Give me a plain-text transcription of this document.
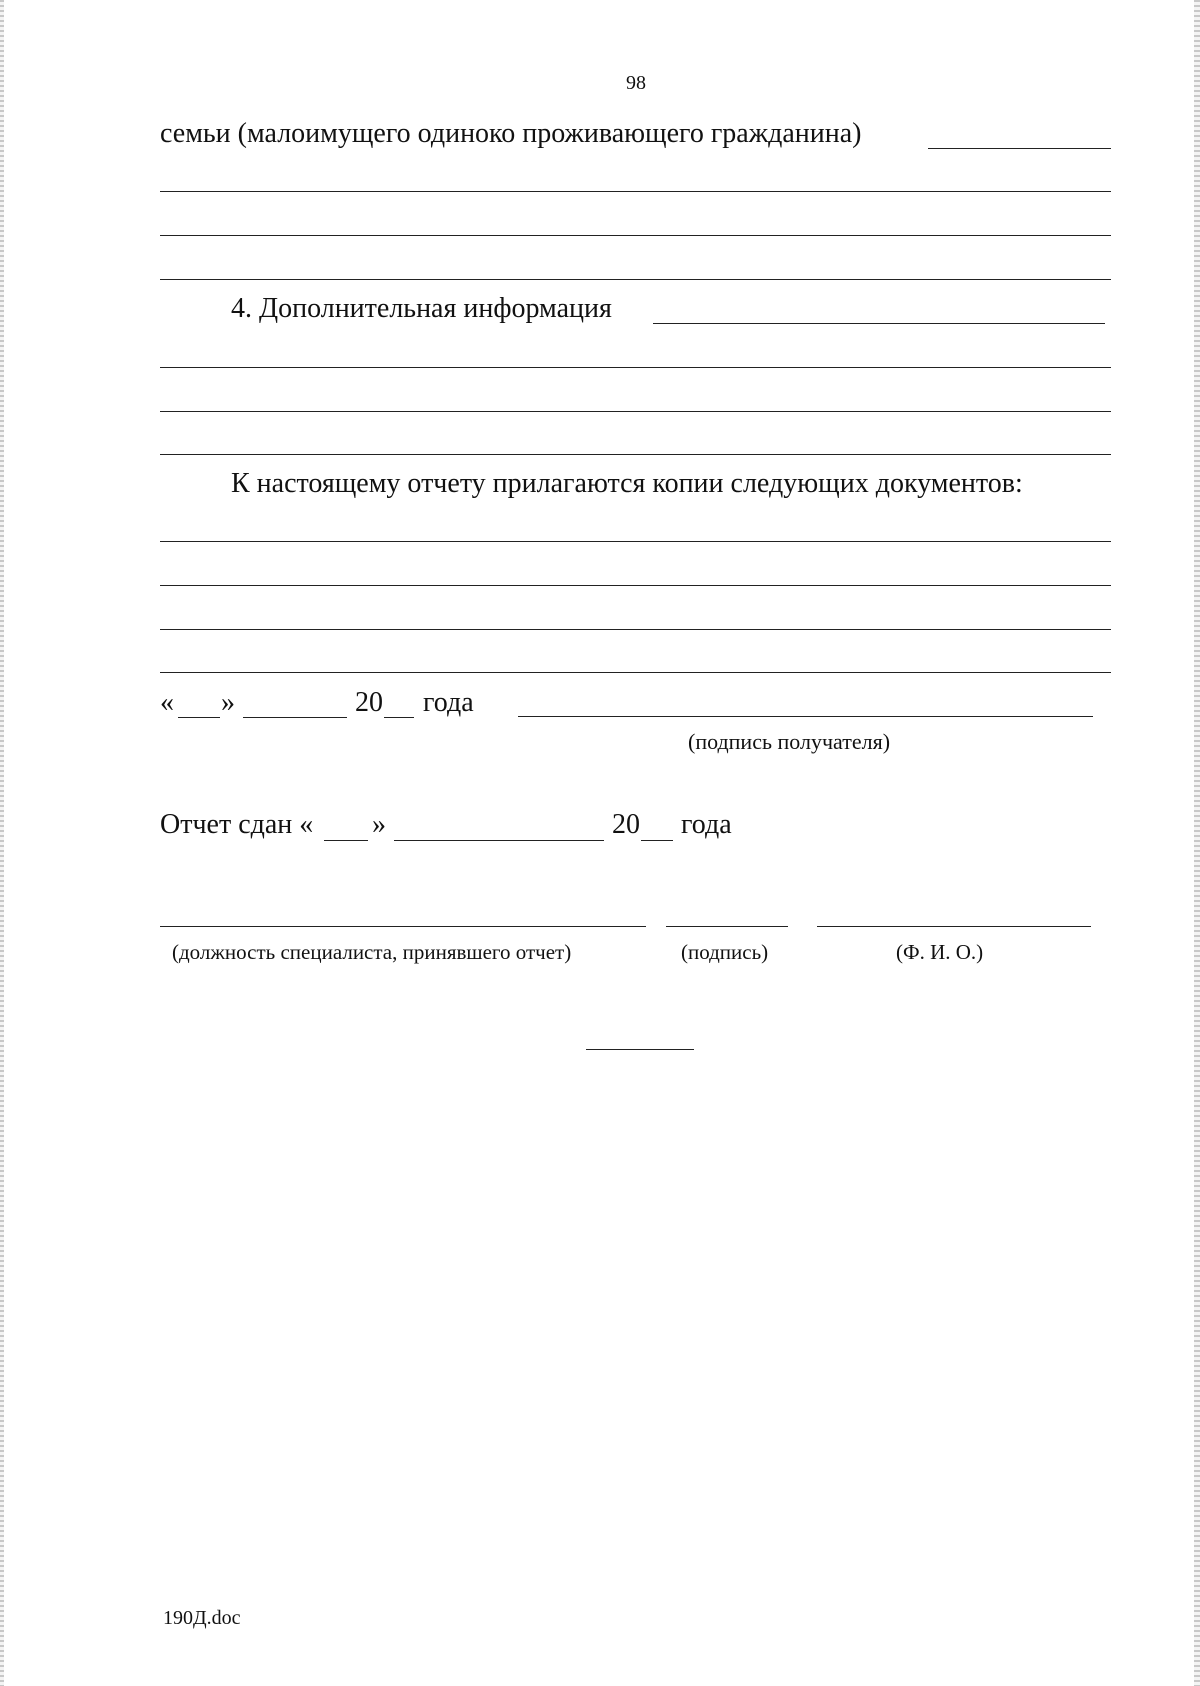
98
семьи (малоимущего одиноко проживающего гражданина)
4. Дополнительная информация
К настоящему отчету прилагаются копии следующих документов:
« »	20 года
(подпись получателя)
Отчет сдан « »	20 года
(должность специалиста, принявшего отчет)	(подпись)	(Ф. И. О.)
190Д.doc
